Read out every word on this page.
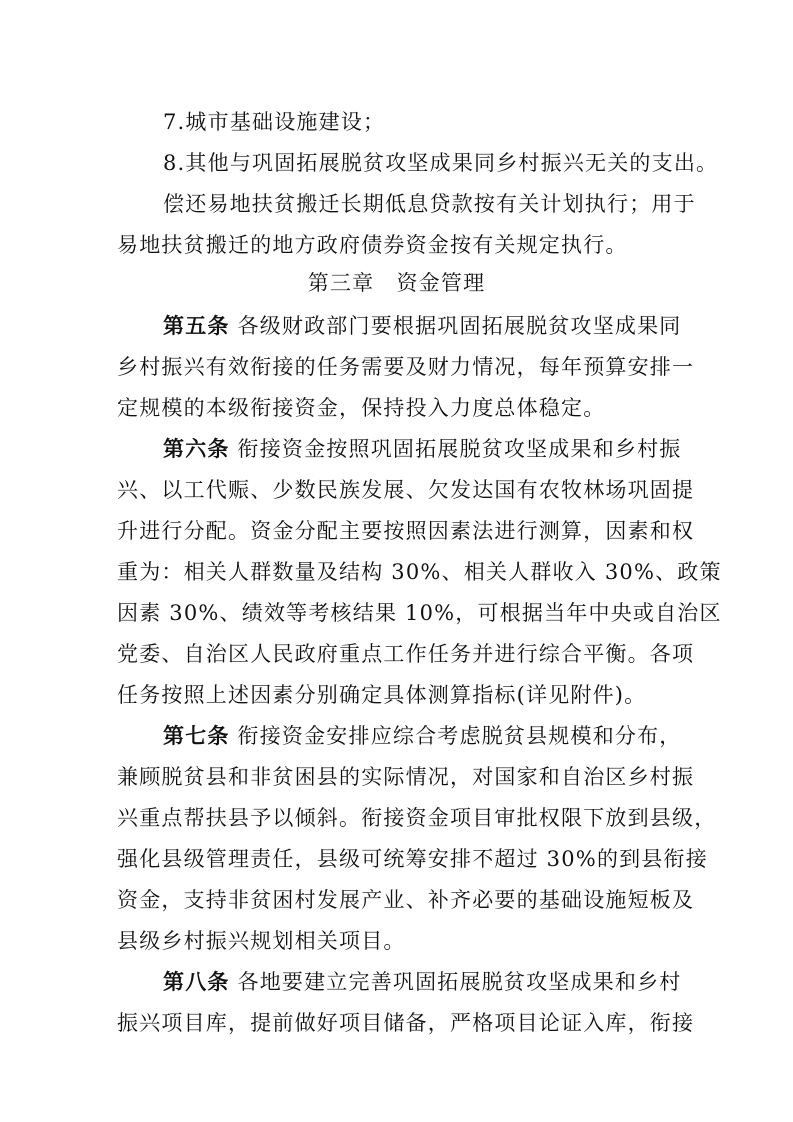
7.城市基础设施建设；
8.其他与巩固拓展脱贫攻坚成果同乡村振兴无关的支出。
偿还易地扶贫搬迁长期低息贷款按有关计划执行；用于
易地扶贫搬迁的地方政府债券资金按有关规定执行。
第三章　资金管理
第五条 各级财政部门要根据巩固拓展脱贫攻坚成果同
乡村振兴有效衔接的任务需要及财力情况，每年预算安排一
定规模的本级衔接资金，保持投入力度总体稳定。
第六条 衔接资金按照巩固拓展脱贫攻坚成果和乡村振
兴、以工代赈、少数民族发展、欠发达国有农牧林场巩固提
升进行分配。资金分配主要按照因素法进行测算，因素和权
重为：相关人群数量及结构 30%、相关人群收入 30%、政策
因素 30%、绩效等考核结果 10%，可根据当年中央或自治区
党委、自治区人民政府重点工作任务并进行综合平衡。各项
任务按照上述因素分别确定具体测算指标(详见附件)。
第七条 衔接资金安排应综合考虑脱贫县规模和分布，
兼顾脱贫县和非贫困县的实际情况，对国家和自治区乡村振
兴重点帮扶县予以倾斜。衔接资金项目审批权限下放到县级，
强化县级管理责任，县级可统筹安排不超过 30%的到县衔接
资金，支持非贫困村发展产业、补齐必要的基础设施短板及
县级乡村振兴规划相关项目。
第八条 各地要建立完善巩固拓展脱贫攻坚成果和乡村
振兴项目库，提前做好项目储备，严格项目论证入库，衔接
